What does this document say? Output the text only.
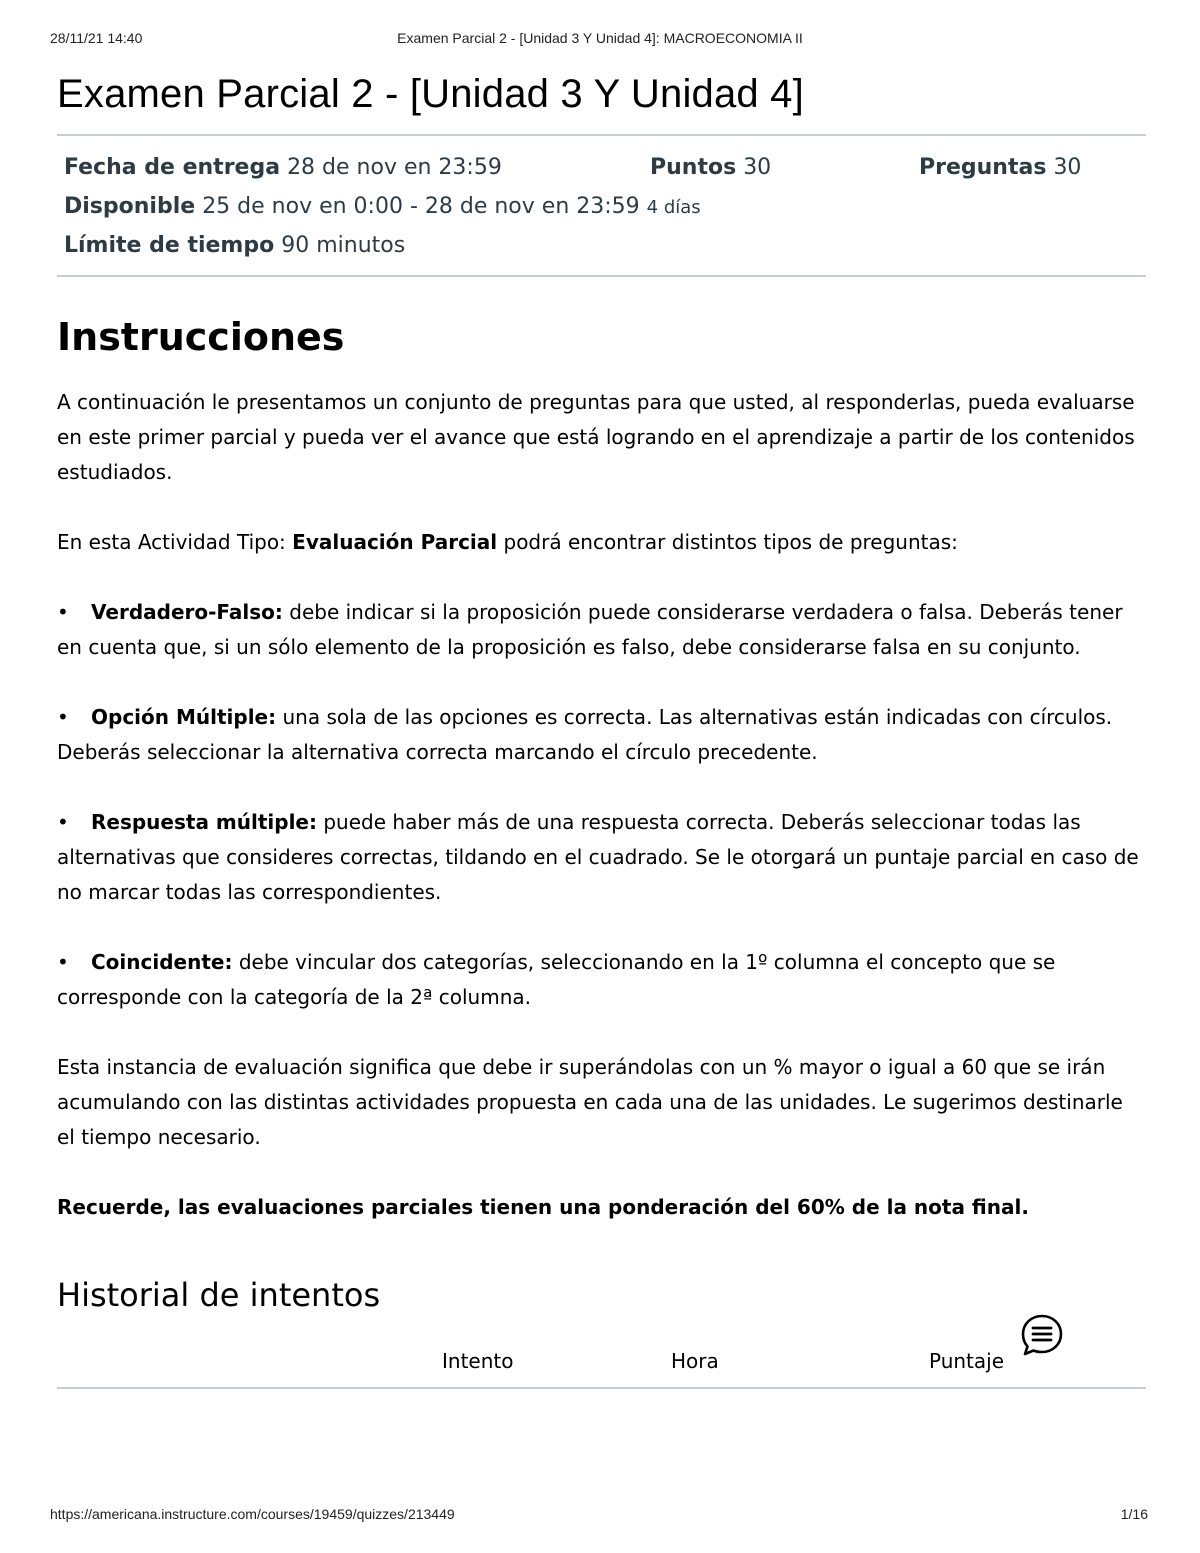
28/11/21 14:40	Examen Parcial 2 - [Unidad 3 Y Unidad 4]: MACROECONOMIA II
Examen Parcial 2 - [Unidad 3 Y Unidad 4]
Fecha de entrega 28 de nov en 23:59	Puntos 30	Preguntas 30
Disponible 25 de nov en 0:00 - 28 de nov en 23:59 4 días
Límite de tiempo 90 minutos
Instrucciones
A continuación le presentamos un conjunto de preguntas para que usted, al responderlas, pueda evaluarse en este primer parcial y pueda ver el avance que está logrando en el aprendizaje a partir de los contenidos estudiados.
En esta Actividad Tipo: Evaluación Parcial podrá encontrar distintos tipos de preguntas:
• Verdadero-Falso: debe indicar si la proposición puede considerarse verdadera o falsa. Deberás tener en cuenta que, si un sólo elemento de la proposición es falso, debe considerarse falsa en su conjunto.
• Opción Múltiple: una sola de las opciones es correcta. Las alternativas están indicadas con círculos. Deberás seleccionar la alternativa correcta marcando el círculo precedente.
• Respuesta múltiple: puede haber más de una respuesta correcta. Deberás seleccionar todas las alternativas que consideres correctas, tildando en el cuadrado. Se le otorgará un puntaje parcial en caso de no marcar todas las correspondientes.
• Coincidente: debe vincular dos categorías, seleccionando en la 1º columna el concepto que se corresponde con la categoría de la 2ª columna.
Esta instancia de evaluación significa que debe ir superándolas con un % mayor o igual a 60 que se irán acumulando con las distintas actividades propuesta en cada una de las unidades. Le sugerimos destinarle el tiempo necesario.
Recuerde, las evaluaciones parciales tienen una ponderación del 60% de la nota final.
Historial de intentos
Intento	Hora	Puntaje
https://americana.instructure.com/courses/19459/quizzes/213449	1/16
